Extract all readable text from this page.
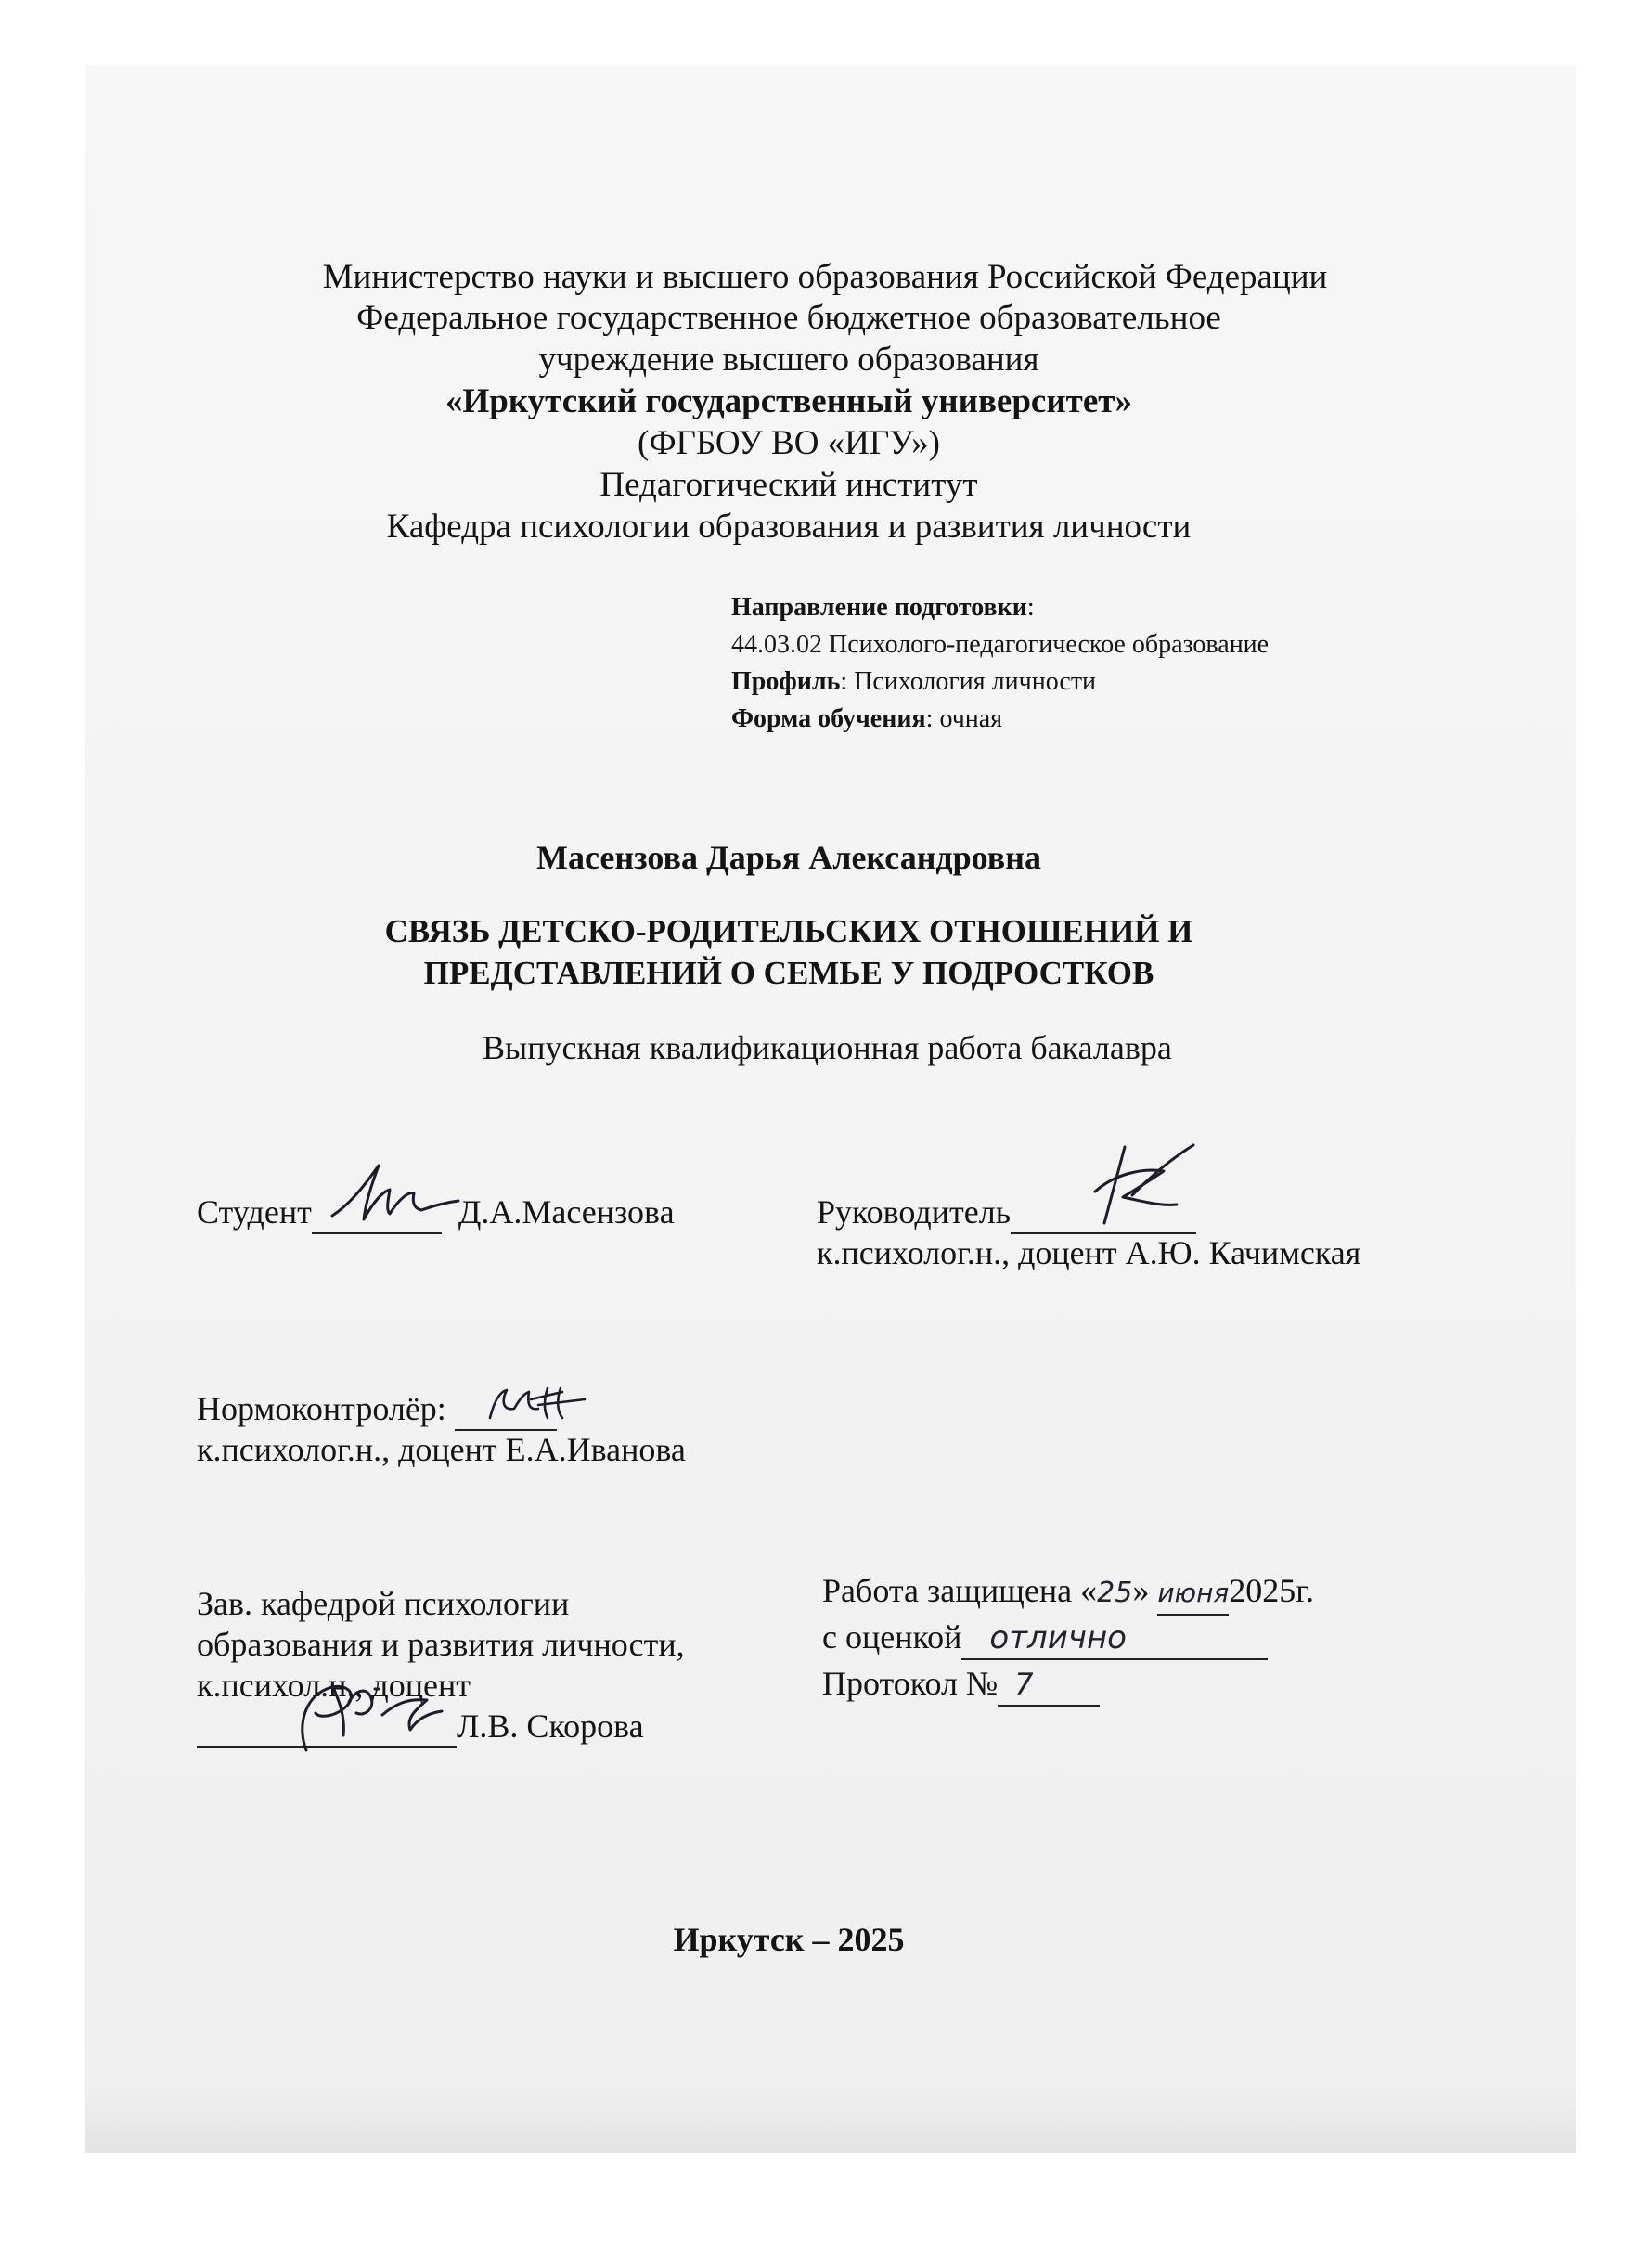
Министерство науки и высшего образования Российской Федерации
Федеральное государственное бюджетное образовательное
учреждение высшего образования
«Иркутский государственный университет»
(ФГБОУ ВО «ИГУ»)
Педагогический институт
Кафедра психологии образования и развития личности
Направление подготовки:
44.03.02 Психолого-педагогическое образование
Профиль: Психология личности
Форма обучения: очная
Масензова Дарья Александровна
СВЯЗЬ ДЕТСКО-РОДИТЕЛЬСКИХ ОТНОШЕНИЙ И
ПРЕДСТАВЛЕНИЙ О СЕМЬЕ У ПОДРОСТКОВ
Выпускная квалификационная работа бакалавра
Студент	Д.А.Масензова	Руководитель
к.психолог.н., доцент А.Ю. Качимская
Нормоконтролёр:
к.психолог.н., доцент Е.А.Иванова
Зав. кафедрой психологии
образования и развития личности,
к.психол.н., доцент
Л.В. Скорова
Работа защищена «25» июня2025г.
с оценкой отлично
Протокол № 7
Иркутск – 2025
